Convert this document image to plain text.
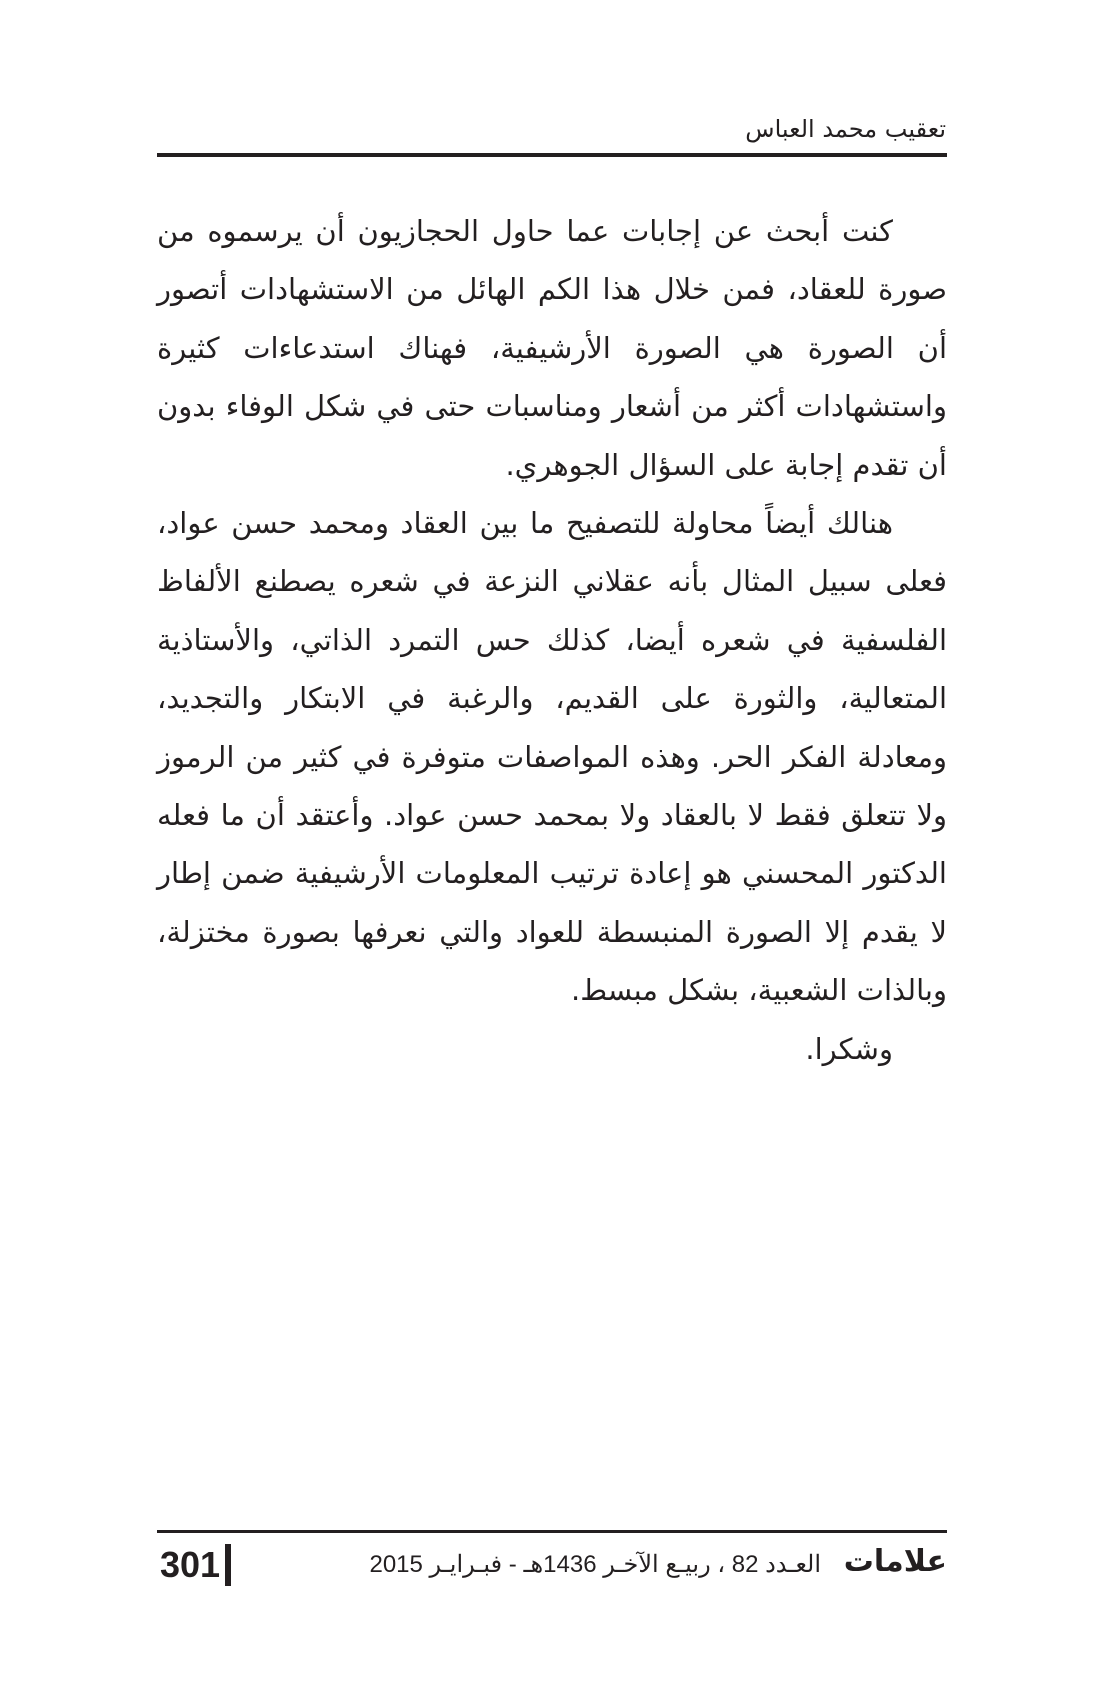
تعقيب محمد العباس

كنت أبحث عن إجابات عما حاول الحجازيون أن يرسموه من صورة للعقاد، فمن خلال هذا الكم الهائل من الاستشهادات أتصور أن الصورة هي الصورة الأرشيفية، فهناك استدعاءات كثيرة واستشهادات أكثر من أشعار ومناسبات حتى في شكل الوفاء بدون أن تقدم إجابة على السؤال الجوهري.

هنالك أيضاً محاولة للتصفيح ما بين العقاد ومحمد حسن عواد، فعلى سبيل المثال بأنه عقلاني النزعة في شعره يصطنع الألفاظ الفلسفية في شعره أيضا، كذلك حس التمرد الذاتي، والأستاذية المتعالية، والثورة على القديم، والرغبة في الابتكار والتجديد، ومعادلة الفكر الحر. وهذه المواصفات متوفرة في كثير من الرموز ولا تتعلق فقط لا بالعقاد ولا بمحمد حسن عواد. وأعتقد أن ما فعله الدكتور المحسني هو إعادة ترتيب المعلومات الأرشيفية ضمن إطار لا يقدم إلا الصورة المنبسطة للعواد والتي نعرفها بصورة مختزلة، وبالذات الشعبية، بشكل مبسط.

وشكرا.

301	العـدد 82 ، ربيـع الآخـر 1436هـ - فبـرايـر 2015 علامات
